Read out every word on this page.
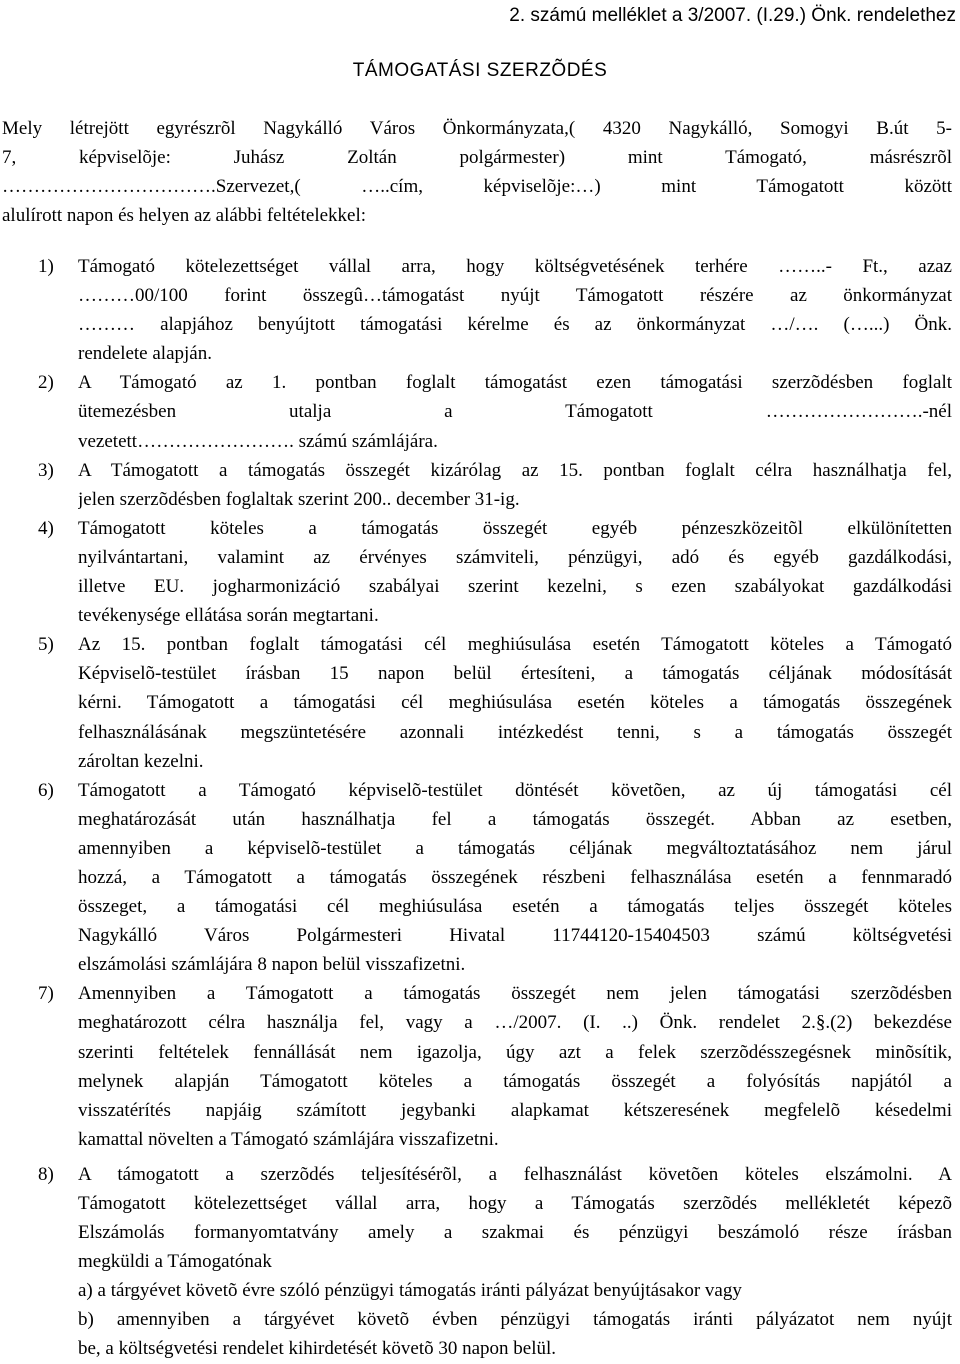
2. számú melléklet a 3/2007. (I.29.) Önk. rendelethez
TÁMOGATÁSI SZERZÕDÉS
Mely létrejött egyrészrõl Nagykálló Város Önkormányzata,( 4320 Nagykálló, Somogyi B.út 5-
7, képviselõje: Juhász Zoltán polgármester) mint Támogató, másrészrõl
…………………………….Szervezet,( …..cím, képviselõje:…) mint Támogatott között
alulírott napon és helyen az alábbi feltételekkel:
1)	Támogató kötelezettséget vállal arra, hogy költségvetésének terhére ……..- Ft., azaz
………00/100 forint összegû…támogatást nyújt Támogatott részére az önkormányzat
……… alapjához benyújtott támogatási kérelme és az önkormányzat …/…. (…...) Önk.
rendelete alapján.
2)	A Támogató az 1. pontban foglalt támogatást ezen támogatási szerzõdésben foglalt
ütemezésben utalja a Támogatott …………………….-nél
vezetett……………………. számú számlájára.
3)	A Támogatott a támogatás összegét kizárólag az 15. pontban foglalt célra használhatja fel,
jelen szerzõdésben foglaltak szerint 200.. december 31-ig.
4)	Támogatott köteles a támogatás összegét egyéb pénzeszközeitõl elkülönítetten
nyilvántartani, valamint az érvényes számviteli, pénzügyi, adó és egyéb gazdálkodási,
illetve EU. jogharmonizáció szabályai szerint kezelni, s ezen szabályokat gazdálkodási
tevékenysége ellátása során megtartani.
5)	Az 15. pontban foglalt támogatási cél meghiúsulása esetén Támogatott köteles a Támogató
Képviselõ-testület írásban 15 napon belül értesíteni, a támogatás céljának módosítását
kérni. Támogatott a támogatási cél meghiúsulása esetén köteles a támogatás összegének
felhasználásának megszüntetésére azonnali intézkedést tenni, s a támogatás összegét
zároltan kezelni.
6)	Támogatott a Támogató képviselõ-testület döntését követõen, az új támogatási cél
meghatározását után használhatja fel a támogatás összegét. Abban az esetben,
amennyiben a képviselõ-testület a támogatás céljának megváltoztatásához nem járul
hozzá, a Támogatott a támogatás összegének részbeni felhasználása esetén a fennmaradó
összeget, a támogatási cél meghiúsulása esetén a támogatás teljes összegét köteles
Nagykálló Város Polgármesteri Hivatal 11744120-15404503 számú költségvetési
elszámolási számlájára 8 napon belül visszafizetni.
7)	Amennyiben a Támogatott a támogatás összegét nem jelen támogatási szerzõdésben
meghatározott célra használja fel, vagy a …/2007. (I. ..) Önk. rendelet 2.§.(2) bekezdése
szerinti feltételek fennállását nem igazolja, úgy azt a felek szerzõdésszegésnek minõsítik,
melynek alapján Támogatott köteles a támogatás összegét a folyósítás napjától a
visszatérítés napjáig számított jegybanki alapkamat kétszeresének megfelelõ késedelmi
kamattal növelten a Támogató számlájára visszafizetni.
8)	A támogatott a szerzõdés teljesítésérõl, a felhasználást követõen köteles elszámolni. A
Támogatott kötelezettséget vállal arra, hogy a Támogatás szerzõdés mellékletét képezõ
Elszámolás formanyomtatvány amely a szakmai és pénzügyi beszámoló része írásban
megküldi a Támogatónak
a) a tárgyévet követõ évre szóló pénzügyi támogatás iránti pályázat benyújtásakor vagy
b) amennyiben a tárgyévet követõ évben pénzügyi támogatás iránti pályázatot nem nyújt
be, a költségvetési rendelet kihirdetését követõ 30 napon belül.
